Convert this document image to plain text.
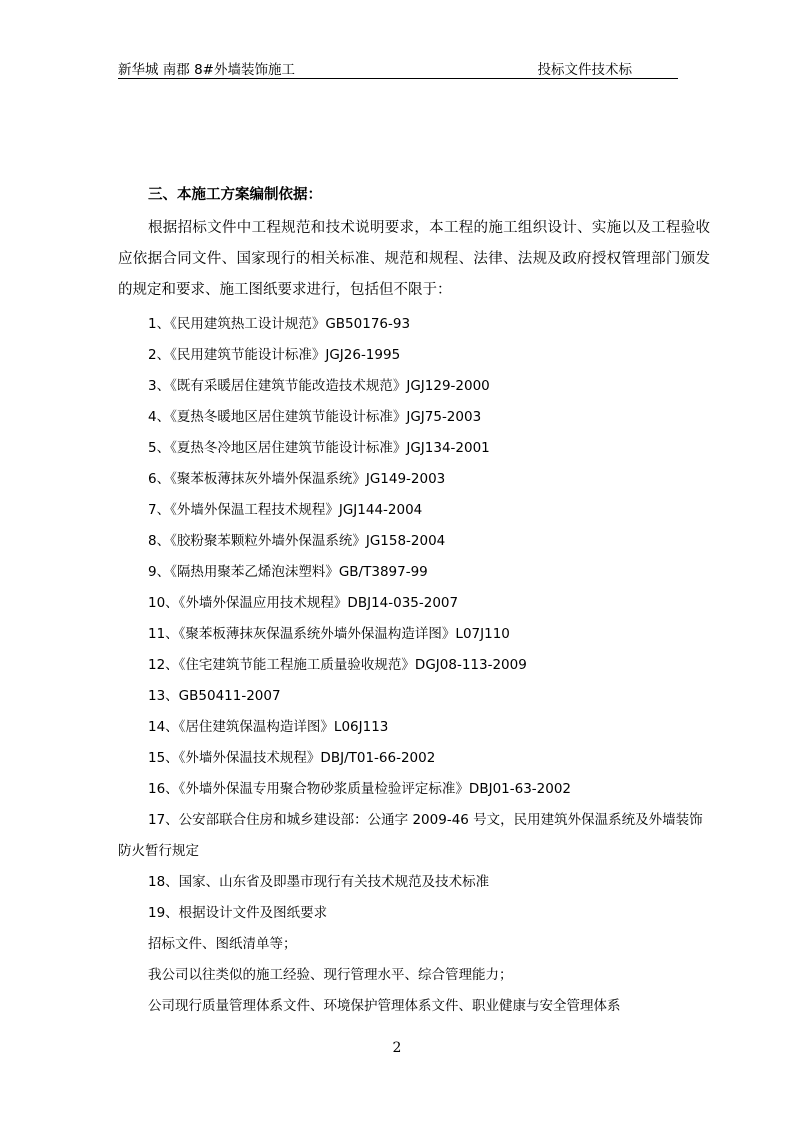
新华城 南郡 8#外墙装饰施工	投标文件技术标
三、本施工方案编制依据：
根据招标文件中工程规范和技术说明要求，本工程的施工组织设计、实施以及工程验收应依据合同文件、国家现行的相关标准、规范和规程、法律、法规及政府授权管理部门颁发的规定和要求、施工图纸要求进行，包括但不限于：
1、《民用建筑热工设计规范》GB50176-93
2、《民用建筑节能设计标准》JGJ26-1995
3、《既有采暖居住建筑节能改造技术规范》JGJ129-2000
4、《夏热冬暖地区居住建筑节能设计标准》JGJ75-2003
5、《夏热冬冷地区居住建筑节能设计标准》JGJ134-2001
6、《聚苯板薄抹灰外墙外保温系统》JG149-2003
7、《外墙外保温工程技术规程》JGJ144-2004
8、《胶粉聚苯颗粒外墙外保温系统》JG158-2004
9、《隔热用聚苯乙烯泡沫塑料》GB/T3897-99
10、《外墙外保温应用技术规程》DBJ14-035-2007
11、《聚苯板薄抹灰保温系统外墙外保温构造详图》L07J110
12、《住宅建筑节能工程施工质量验收规范》DGJ08-113-2009
13、GB50411-2007
14、《居住建筑保温构造详图》L06J113
15、《外墙外保温技术规程》DBJ/T01-66-2002
16、《外墙外保温专用聚合物砂浆质量检验评定标准》DBJ01-63-2002
17、公安部联合住房和城乡建设部：公通字 2009-46 号文，民用建筑外保温系统及外墙装饰防火暂行规定
18、国家、山东省及即墨市现行有关技术规范及技术标准
19、根据设计文件及图纸要求
招标文件、图纸清单等；
我公司以往类似的施工经验、现行管理水平、综合管理能力；
公司现行质量管理体系文件、环境保护管理体系文件、职业健康与安全管理体系
2
